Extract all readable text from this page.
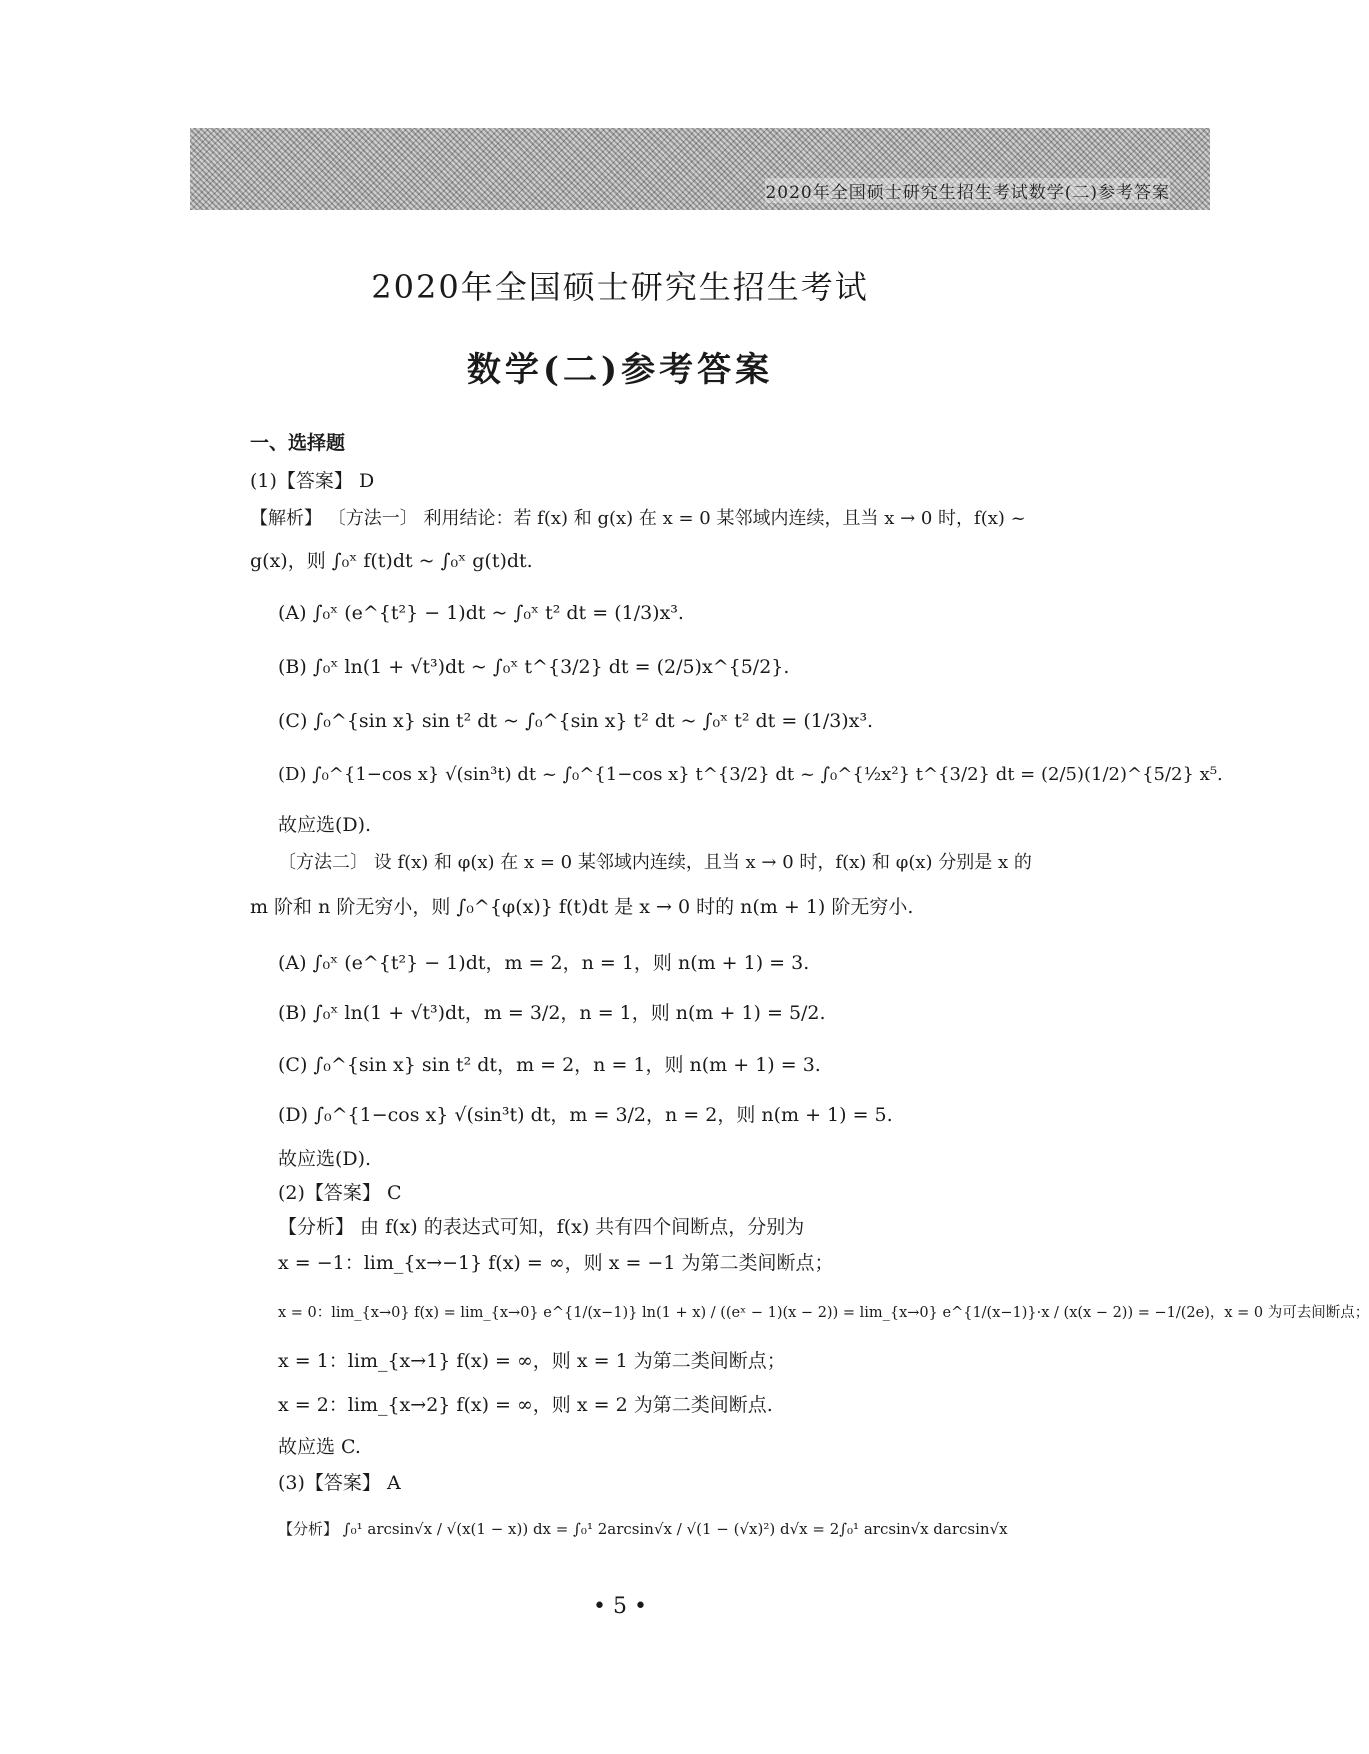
2020年全国硕士研究生招生考试数学(二)参考答案
2020年全国硕士研究生招生考试
数学(二)参考答案
一、选择题
(1)【答案】 D
【解析】 〔方法一〕 利用结论：若 f(x) 和 g(x) 在 x = 0 某邻域内连续，且当 x → 0 时，f(x) ~
g(x)，则 ∫₀ˣ f(t)dt ~ ∫₀ˣ g(t)dt.
(A) ∫₀ˣ (e^{t²} − 1)dt ~ ∫₀ˣ t² dt = (1/3)x³.
(B) ∫₀ˣ ln(1 + √t³)dt ~ ∫₀ˣ t^{3/2} dt = (2/5)x^{5/2}.
(C) ∫₀^{sin x} sin t² dt ~ ∫₀^{sin x} t² dt ~ ∫₀ˣ t² dt = (1/3)x³.
(D) ∫₀^{1−cos x} √(sin³t) dt ~ ∫₀^{1−cos x} t^{3/2} dt ~ ∫₀^{½x²} t^{3/2} dt = (2/5)(1/2)^{5/2} x⁵.
故应选(D).
〔方法二〕 设 f(x) 和 φ(x) 在 x = 0 某邻域内连续，且当 x → 0 时，f(x) 和 φ(x) 分别是 x 的
m 阶和 n 阶无穷小，则 ∫₀^{φ(x)} f(t)dt 是 x → 0 时的 n(m + 1) 阶无穷小.
(A) ∫₀ˣ (e^{t²} − 1)dt，m = 2，n = 1，则 n(m + 1) = 3.
(B) ∫₀ˣ ln(1 + √t³)dt，m = 3/2，n = 1，则 n(m + 1) = 5/2.
(C) ∫₀^{sin x} sin t² dt，m = 2，n = 1，则 n(m + 1) = 3.
(D) ∫₀^{1−cos x} √(sin³t) dt，m = 3/2，n = 2，则 n(m + 1) = 5.
故应选(D).
(2)【答案】 C
【分析】 由 f(x) 的表达式可知，f(x) 共有四个间断点，分别为
x = −1：lim_{x→−1} f(x) = ∞，则 x = −1 为第二类间断点；
x = 0：lim_{x→0} f(x) = lim_{x→0} e^{1/(x−1)} ln(1 + x) / ((eˣ − 1)(x − 2)) = lim_{x→0} e^{1/(x−1)}·x / (x(x − 2)) = −1/(2e)，x = 0 为可去间断点；
x = 1：lim_{x→1} f(x) = ∞，则 x = 1 为第二类间断点；
x = 2：lim_{x→2} f(x) = ∞，则 x = 2 为第二类间断点.
故应选 C.
(3)【答案】 A
【分析】 ∫₀¹ arcsin√x / √(x(1 − x)) dx = ∫₀¹ 2arcsin√x / √(1 − (√x)²) d√x = 2∫₀¹ arcsin√x darcsin√x
• 5 •
